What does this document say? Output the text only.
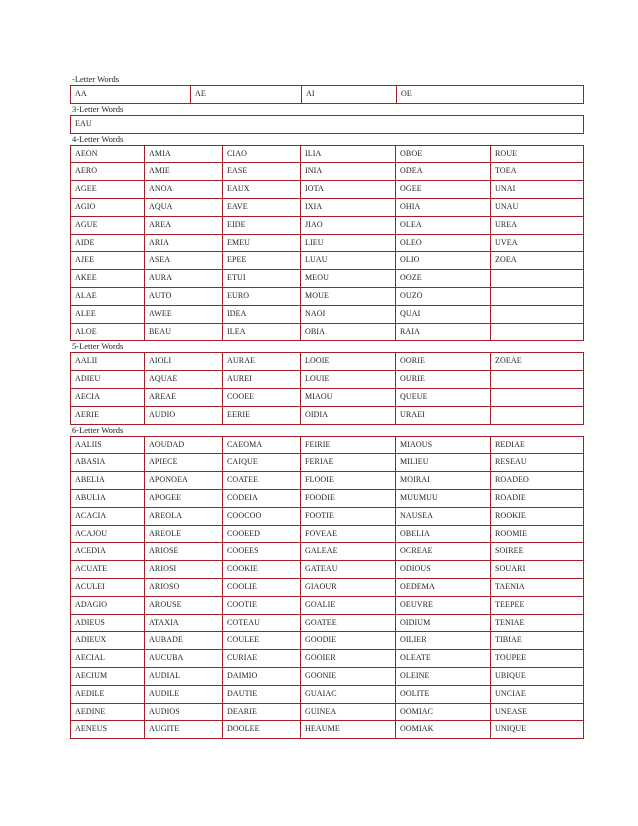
-Letter Words
AA	AE	AI	OE
3-Letter Words
EAU
4-Letter Words
AEON	AMIA	CIAO	ILIA	OBOE	ROUE
AERO	AMIE	EASE	INIA	ODEA	TOEA
AGEE	ANOA	EAUX	IOTA	OGEE	UNAI
AGIO	AQUA	EAVE	IXIA	OHIA	UNAU
AGUE	AREA	EIDE	JIAO	OLEA	UREA
AIDE	ARIA	EMEU	LIEU	OLEO	UVEA
AJEE	ASEA	EPEE	LUAU	OLIO	ZOEA
AKEE	AURA	ETUI	MEOU	OOZE	
ALAE	AUTO	EURO	MOUE	OUZO	
ALEE	AWEE	IDEA	NAOI	QUAI	
ALOE	BEAU	ILEA	OBIA	RAIA	
5-Letter Words
AALII	AIOLI	AURAE	LOOIE	OORIE	ZOEAE
ADIEU	AQUAE	AUREI	LOUIE	OURIE	
AECIA	AREAE	COOEE	MIAOU	QUEUE	
AERIE	AUDIO	EERIE	OIDIA	URAEI	
6-Letter Words
AALIIS	AOUDAD	CAEOMA	FEIRIE	MIAOUS	REDIAE
ABASIA	APIECE	CAIQUE	FERIAE	MILIEU	RESEAU
ABELIA	APONOEA	COATEE	FLOOIE	MOIRAI	ROADEO
ABULIA	APOGEE	CODEIA	FOODIE	MUUMUU	ROADIE
ACACIA	AREOLA	COOCOO	FOOTIE	NAUSEA	ROOKIE
ACAJOU	AREOLE	COOEED	FOVEAE	OBELIA	ROOMIE
ACEDIA	ARIOSE	COOEES	GALEAE	OCREAE	SOIREE
ACUATE	ARIOSI	COOKIE	GATEAU	ODIOUS	SOUARI
ACULEI	ARIOSO	COOLIE	GIAOUR	OEDEMA	TAENIA
ADAGIO	AROUSE	COOTIE	GOALIE	OEUVRE	TEEPEE
ADIEUS	ATAXIA	COTEAU	GOATEE	OIDIUM	TENIAE
ADIEUX	AUBADE	COULEE	GOODIE	OILIER	TIBIAE
AECIAL	AUCUBA	CURIAE	GOOIER	OLEATE	TOUPEE
AECIUM	AUDIAL	DAIMIO	GOONIE	OLEINE	UBIQUE
AEDILE	AUDILE	DAUTIE	GUAIAC	OOLITE	UNCIAE
AEDINE	AUDIOS	DEARIE	GUINEA	OOMIAC	UNEASE
AENEUS	AUGITE	DOOLEE	HEAUME	OOMIAK	UNIQUE
